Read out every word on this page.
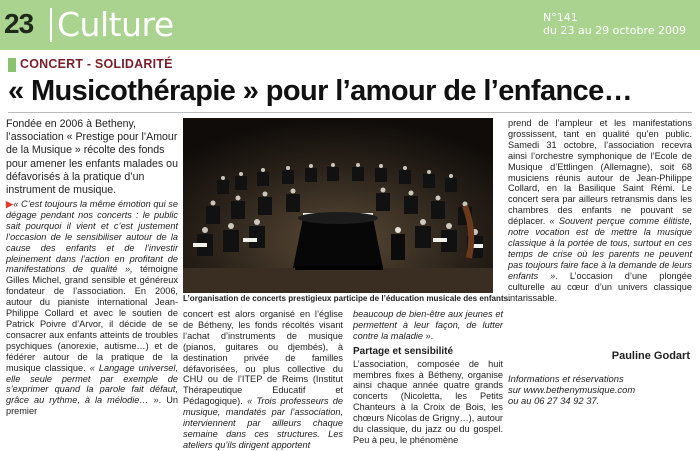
23 Culture	N°141
du 23 au 29 octobre 2009
CONCERT - SOLIDARITÉ
« Musicothérapie » pour l’amour de l’enfance…
Fondée en 2006 à Betheny, l’association « Prestige pour l’Amour de la Musique » récolte des fonds pour amener les enfants malades ou défavorisés à la pratique d’un instrument de musique.
▶« C’est toujours la même émotion qui se dégage pendant nos concerts : le public sait pourquoi il vient et c’est justement l’occasion de le sensibiliser autour de la cause des enfants et de l’investir pleinement dans l’action en profitant de manifestations de qualité », témoigne Gilles Michel, grand sensible et généreux fondateur de l’association. En 2006, autour du pianiste international Jean-Philippe Collard et avec le soutien de Patrick Poivre d’Arvor, il décide de se consacrer aux enfants atteints de troubles psychiques (anorexie, autisme…) et de fédérer autour de la pratique de la musique classique. « Langage universel, elle seule permet par exemple de s’exprimer quand la parole fait défaut, grâce au rythme, à la mélodie… ». Un premier
L’organisation de concerts prestigieux participe de l’éducation musicale des enfants.
concert est alors organisé en l’église de Bétheny, les fonds récoltés visant l’achat d’instruments de musique (pianos, guitares ou djembés), à destination privée de familles défavorisées, ou plus collective du CHU ou de l’ITEP de Reims (Institut Thérapeutique Educatif et Pédagogique). « Trois professeurs de musique, mandatés par l’association, interviennent par ailleurs chaque semaine dans ces structures. Les ateliers qu’ils dirigent apportent
beaucoup de bien-être aux jeunes et permettent à leur façon, de lutter contre la maladie ».
Partage et sensibilité
L’association, composée de huit membres fixes à Bétheny, organise ainsi chaque année quatre grands concerts (Nicoletta, les Petits Chanteurs à la Croix de Bois, les chœurs Nicolas de Grigny…), autour du classique, du jazz ou du gospel. Peu à peu, le phénomène
prend de l’ampleur et les manifestations grossissent, tant en qualité qu’en public. Samedi 31 octobre, l’association recevra ainsi l’orchestre symphonique de l’Ecole de Musique d’Ettlingen (Allemagne), soit 68 musiciens réunis autour de Jean-Philippe Collard, en la Basilique Saint Rémi. Le concert sera par ailleurs retransmis dans les chambres des enfants ne pouvant se déplacer. « Souvent perçue comme élitiste, notre vocation est de mettre la musique classique à la portée de tous, surtout en ces temps de crise où les parents ne peuvent pas toujours faire face à la demande de leurs enfants ». L’occasion d’une plongée culturelle au cœur d’un univers classique intarissable.
Pauline Godart
Informations et réservations
sur www.bethenymusique.com
ou au 06 27 34 92 37.
